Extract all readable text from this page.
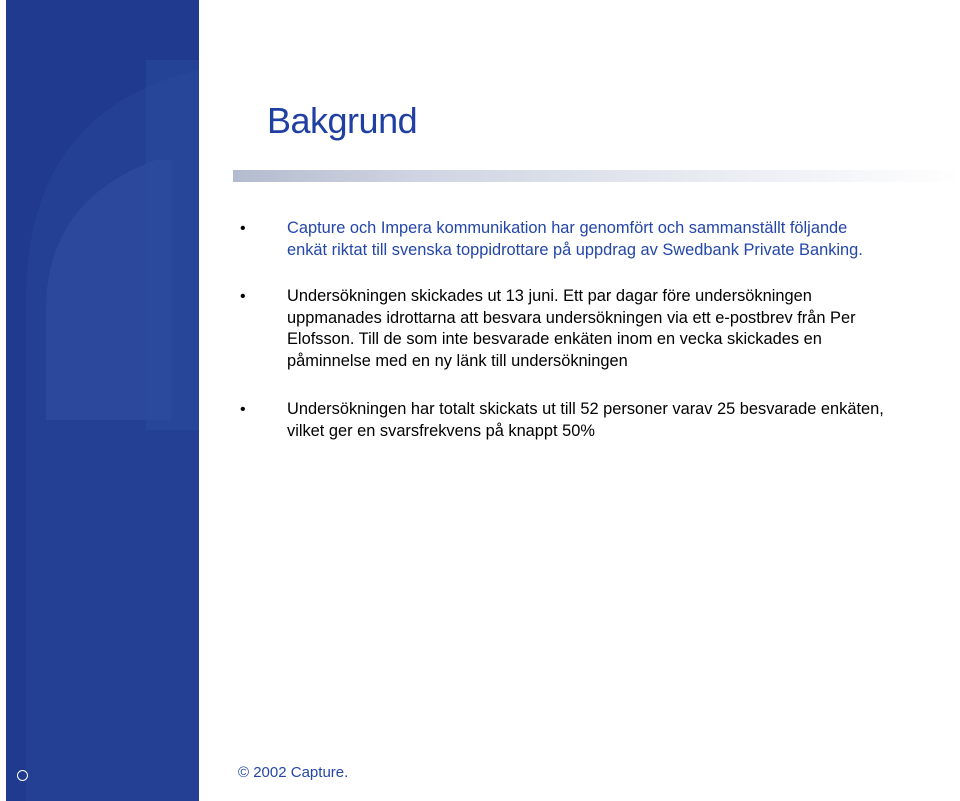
Bakgrund
•	Capture och Impera kommunikation har genomfört och sammanställt följande enkät riktat till svenska toppidrottare på uppdrag av Swedbank Private Banking.
•	Undersökningen skickades ut 13 juni. Ett par dagar före undersökningen uppmanades idrottarna att besvara undersökningen via ett e-postbrev från Per Elofsson. Till de som inte besvarade enkäten inom en vecka skickades en påminnelse med en ny länk till undersökningen
•	Undersökningen har totalt skickats ut till 52 personer varav 25 besvarade enkäten, vilket ger en svarsfrekvens på knappt 50%
© 2002 Capture.
